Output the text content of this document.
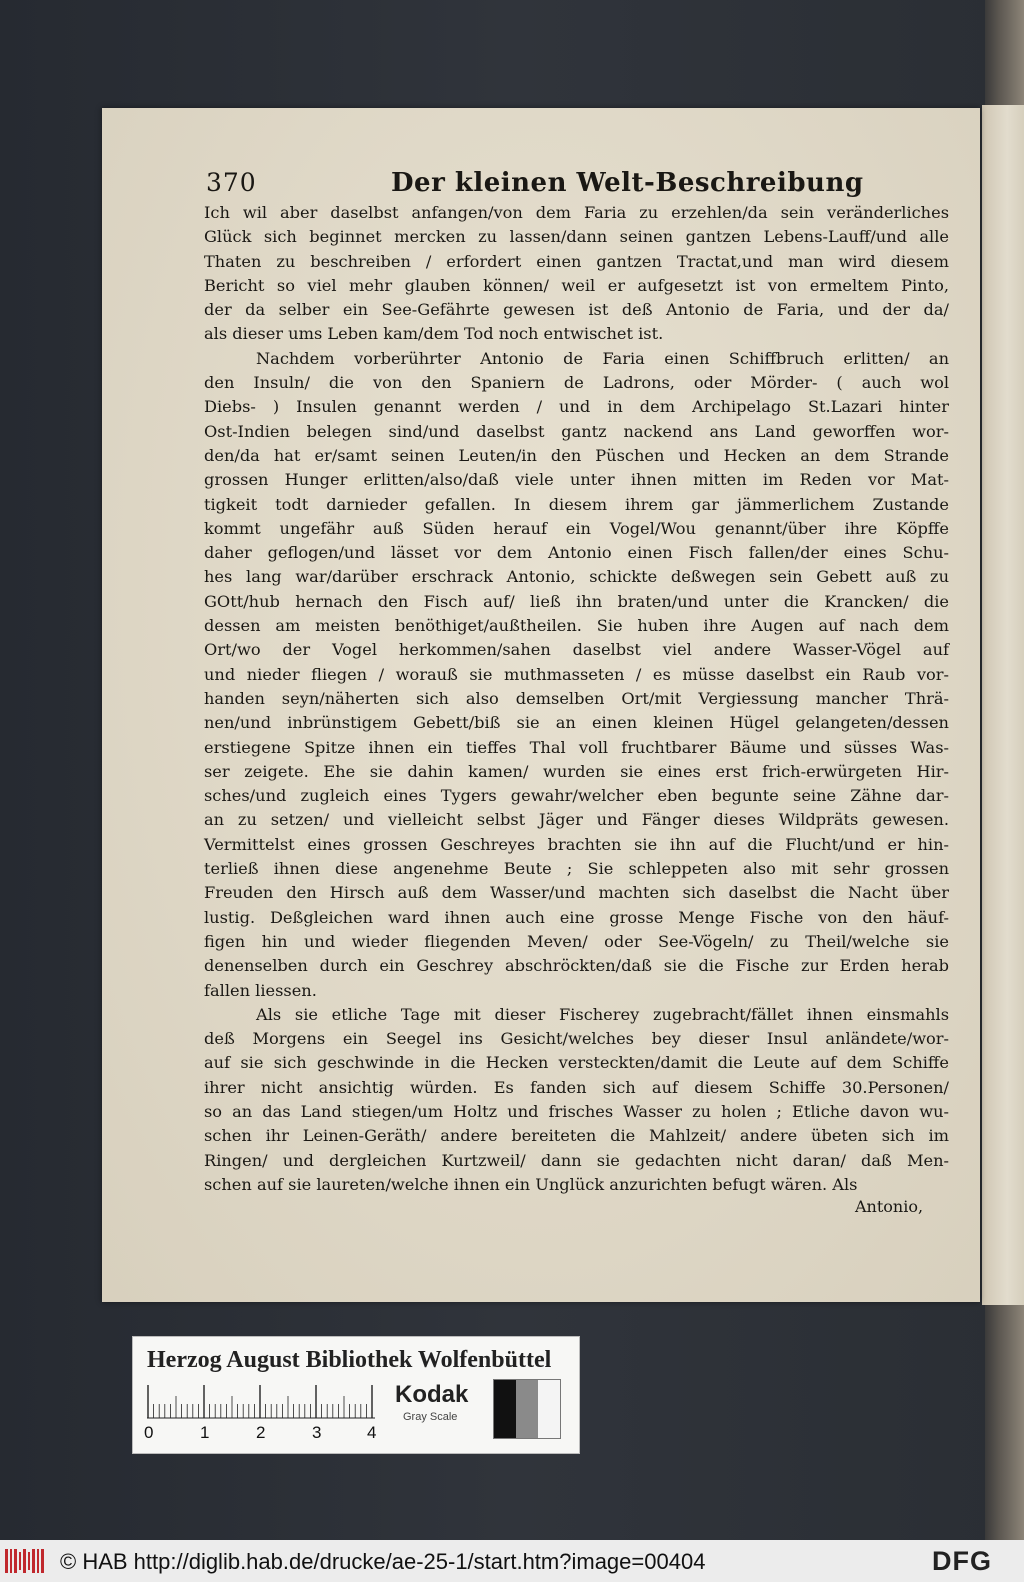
370	Der kleinen Welt-Beschreibung
Ich wil aber daselbst anfangen/von dem Faria zu erzehlen/da sein veränderliches
Glück sich beginnet mercken zu lassen/dann seinen gantzen Lebens-Lauff/und alle
Thaten zu beschreiben / erfordert einen gantzen Tractat,und man wird diesem
Bericht so viel mehr glauben können/ weil er aufgesetzt ist von ermeltem Pinto,
der da selber ein See-Gefährte gewesen ist deß Antonio de Faria, und der da/
als dieser ums Leben kam/dem Tod noch entwischet ist.
Nachdem vorberührter Antonio de Faria einen Schiffbruch erlitten/ an
den Insuln/ die von den Spaniern de Ladrons, oder Mörder- ( auch wol
Diebs- ) Insulen genannt werden / und in dem Archipelago St.Lazari hinter
Ost-Indien belegen sind/und daselbst gantz nackend ans Land geworffen wor-
den/da hat er/samt seinen Leuten/in den Püschen und Hecken an dem Strande
grossen Hunger erlitten/also/daß viele unter ihnen mitten im Reden vor Mat-
tigkeit todt darnieder gefallen. In diesem ihrem gar jämmerlichem Zustande
kommt ungefähr auß Süden herauf ein Vogel/Wou genannt/über ihre Köpffe
daher geflogen/und lässet vor dem Antonio einen Fisch fallen/der eines Schu-
hes lang war/darüber erschrack Antonio, schickte deßwegen sein Gebett auß zu
GOtt/hub hernach den Fisch auf/ ließ ihn braten/und unter die Krancken/ die
dessen am meisten benöthiget/außtheilen. Sie huben ihre Augen auf nach dem
Ort/wo der Vogel herkommen/sahen daselbst viel andere Wasser-Vögel auf
und nieder fliegen / worauß sie muthmasseten / es müsse daselbst ein Raub vor-
handen seyn/näherten sich also demselben Ort/mit Vergiessung mancher Thrä-
nen/und inbrünstigem Gebett/biß sie an einen kleinen Hügel gelangeten/dessen
erstiegene Spitze ihnen ein tieffes Thal voll fruchtbarer Bäume und süsses Was-
ser zeigete. Ehe sie dahin kamen/ wurden sie eines erst frich-erwürgeten Hir-
sches/und zugleich eines Tygers gewahr/welcher eben begunte seine Zähne dar-
an zu setzen/ und vielleicht selbst Jäger und Fänger dieses Wildpräts gewesen.
Vermittelst eines grossen Geschreyes brachten sie ihn auf die Flucht/und er hin-
terließ ihnen diese angenehme Beute ; Sie schleppeten also mit sehr grossen
Freuden den Hirsch auß dem Wasser/und machten sich daselbst die Nacht über
lustig. Deßgleichen ward ihnen auch eine grosse Menge Fische von den häuf-
figen hin und wieder fliegenden Meven/ oder See-Vögeln/ zu Theil/welche sie
denenselben durch ein Geschrey abschröckten/daß sie die Fische zur Erden herab
fallen liessen.
Als sie etliche Tage mit dieser Fischerey zugebracht/fället ihnen einsmahls
deß Morgens ein Seegel ins Gesicht/welches bey dieser Insul anländete/wor-
auf sie sich geschwinde in die Hecken versteckten/damit die Leute auf dem Schiffe
ihrer nicht ansichtig würden. Es fanden sich auf diesem Schiffe 30.Personen/
so an das Land stiegen/um Holtz und frisches Wasser zu holen ; Etliche davon wu-
schen ihr Leinen-Geräth/ andere bereiteten die Mahlzeit/ andere übeten sich im
Ringen/ und dergleichen Kurtzweil/ dann sie gedachten nicht daran/ daß Men-
schen auf sie laureten/welche ihnen ein Unglück anzurichten befugt wären. Als
Antonio,
Herzog August Bibliothek Wolfenbüttel
0	1	2	3	4
Kodak
Gray Scale
© HAB http://diglib.hab.de/drucke/ae-25-1/start.htm?image=00404	DFG
